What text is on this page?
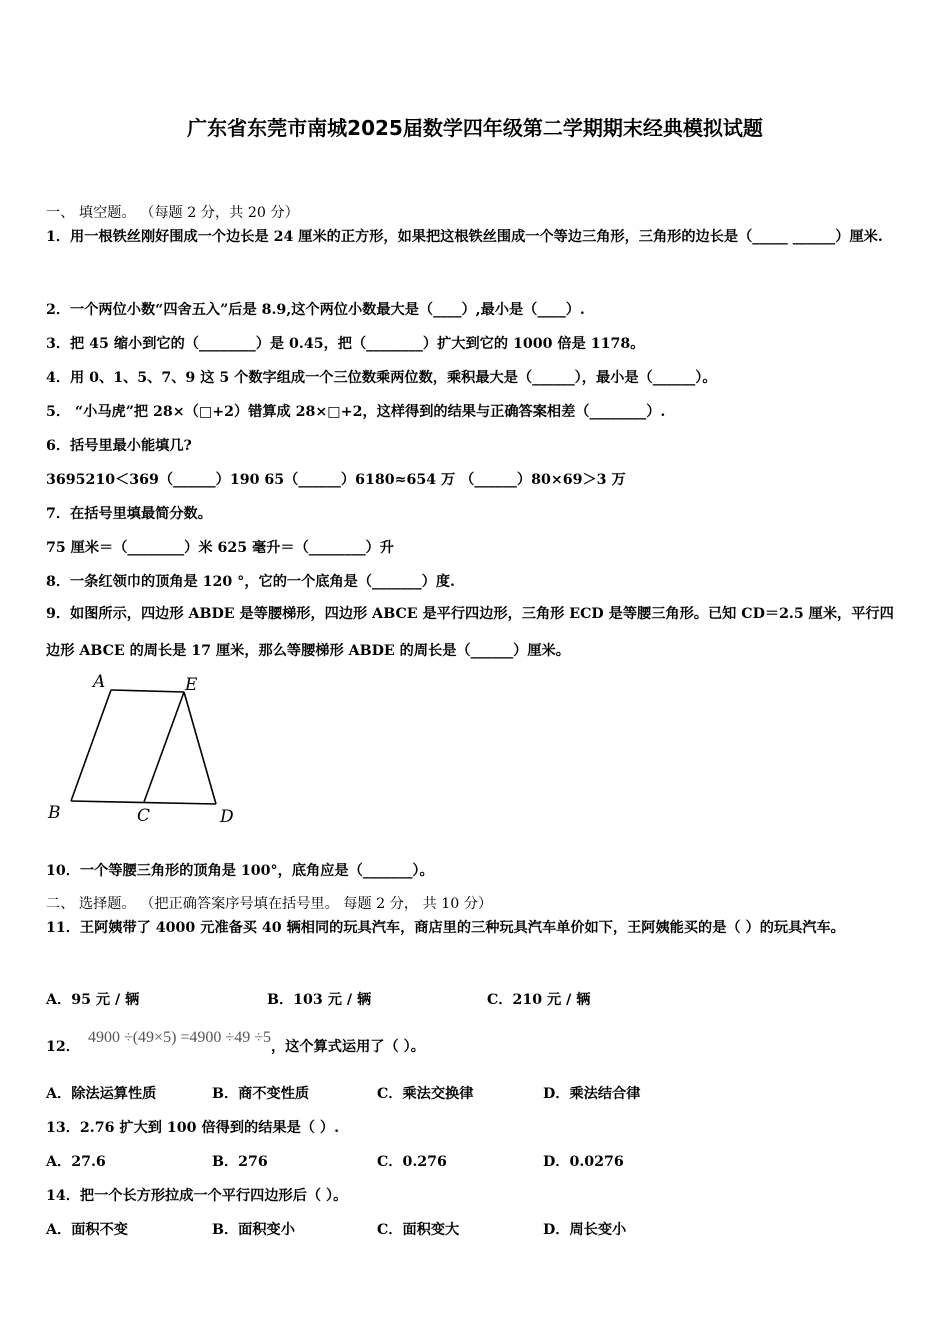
广东省东莞市南城2025届数学四年级第二学期期末经典模拟试题
一、 填空题。 （每题 2 分，共 20 分）
1．用一根铁丝刚好围成一个边长是 24 厘米的正方形，如果把这根铁丝围成一个等边三角形，三角形的边长是（_____ ______）厘米.
2．一个两位小数“四舍五入”后是 8.9,这个两位小数最大是（____）,最小是（____）.
3．把 45 缩小到它的（________）是 0.45，把（________）扩大到它的 1000 倍是 1178。
4．用 0、1、5、7、9 这 5 个数字组成一个三位数乘两位数，乘积最大是（______），最小是（______）。
5． “小马虎”把 28×（□+2）错算成 28×□+2，这样得到的结果与正确答案相差（________）.
6．括号里最小能填几?
3695210＜369（______）190 65（______）6180≈654 万 （______）80×69＞3 万
7．在括号里填最简分数。
75 厘米＝（________）米 625 毫升＝（________）升
8．一条红领巾的顶角是 120 °，它的一个底角是（_______）度.
9．如图所示，四边形 ABDE 是等腰梯形，四边形 ABCE 是平行四边形，三角形 ECD 是等腰三角形。已知 CD＝2.5 厘米，平行四边形 ABCE 的周长是 17 厘米，那么等腰梯形 ABDE 的周长是（______）厘米。
A	E
B	C	D
10．一个等腰三角形的顶角是 100°，底角应是（_______）。
二、 选择题。 （把正确答案序号填在括号里。 每题 2 分， 共 10 分）
11．王阿姨带了 4000 元准备买 40 辆相同的玩具汽车，商店里的三种玩具汽车单价如下，王阿姨能买的是（ ）的玩具汽车。
A．95 元 / 辆	B．103 元 / 辆	C．210 元 / 辆
12．4900 ÷(49×5) =4900 ÷49 ÷5，这个算式运用了（ ）。
A．除法运算性质	B．商不变性质	C．乘法交换律	D．乘法结合律
13．2.76 扩大到 100 倍得到的结果是（ ）.
A．27.6	B．276	C．0.276	D．0.0276
14．把一个长方形拉成一个平行四边形后（ ）。
A．面积不变	B．面积变小	C．面积变大	D．周长变小
